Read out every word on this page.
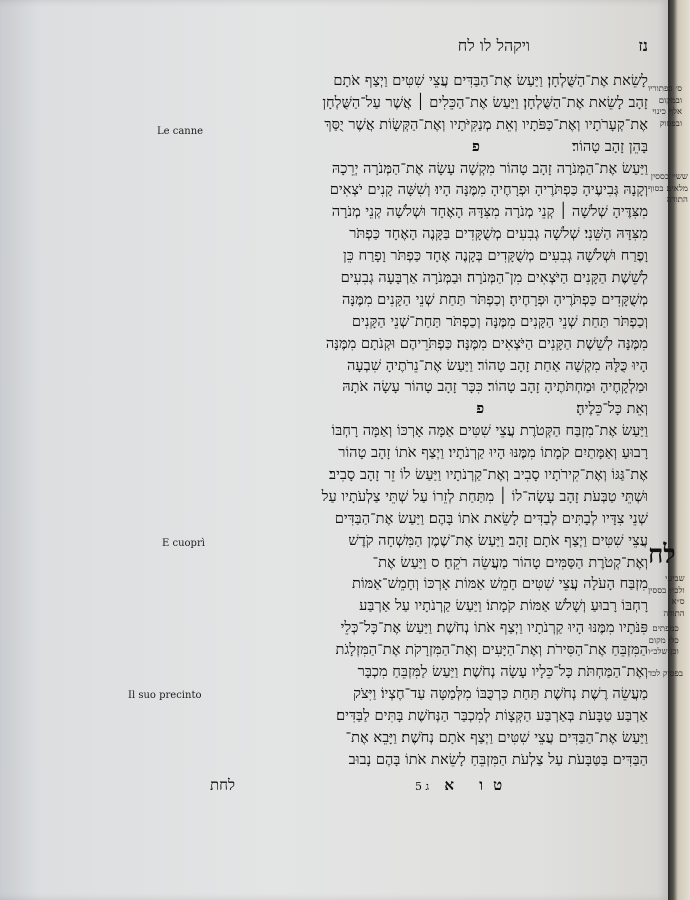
נז
ויקהל לו לח
לָשֵׂאת אֶת־הַשֻּׁלְחָן׃ וַיַּעַשׂ אֶת־הַבַּדִּים עֲצֵי שִׁטִּים וַיְצַף אֹתָם
זָהָב לָשֵׂאת אֶת־הַשֻּׁלְחָן׃ וַיַּעַשׂ אֶת־הַכֵּלִים ׀ אֲשֶׁר עַל־הַשֻּׁלְחָן
אֶת־קְעָרֹתָיו וְאֶת־כַּפֹּתָיו וְאֵת מְנַקִּיֹּתָיו וְאֶת־הַקְּשָׂוֹת אֲשֶׁר יֻסַּךְ
בָּהֵן זָהָב טָהוֹר׃פ
וַיַּעַשׂ אֶת־הַמְּנֹרָה זָהָב טָהוֹר מִקְשָׁה עָשָׂה אֶת־הַמְּנֹרָה יְרֵכָהּ
וְקָנָהּ גְּבִיעֶיהָ כַּפְתֹּרֶיהָ וּפְרָחֶיהָ מִמֶּנָּה הָיוּ׃ וְשִׁשָּׁה קָנִים יֹצְאִים
מִצִּדֶּיהָ שְׁלֹשָׁה ׀ קְנֵי מְנֹרָה מִצִּדָּהּ הָאֶחָד וּשְׁלֹשָׁה קְנֵי מְנֹרָה
מִצִּדָּהּ הַשֵּׁנִי׃ שְׁלֹשָׁה גְבִעִים מְשֻׁקָּדִים בַּקָּנֶה הָאֶחָד כַּפְתֹּר
וָפֶרַח וּשְׁלֹשָׁה גְבִעִים מְשֻׁקָּדִים בְּקָנֶה אֶחָד כַּפְתֹּר וָפָרַח כֵּן
לְשֵׁשֶׁת הַקָּנִים הַיֹּצְאִים מִן־הַמְּנֹרָה׃ וּבַמְּנֹרָה אַרְבָּעָה גְבִעִים
מְשֻׁקָּדִים כַּפְתֹּרֶיהָ וּפְרָחֶיהָ׃ וְכַפְתֹּר תַּחַת שְׁנֵי הַקָּנִים מִמֶּנָּה
וְכַפְתֹּר תַּחַת שְׁנֵי הַקָּנִים מִמֶּנָּה וְכַפְתֹּר תַּחַת־שְׁנֵי הַקָּנִים
מִמֶּנָּה לְשֵׁשֶׁת הַקָּנִים הַיֹּצְאִים מִמֶּנָּה׃ כַּפְתֹּרֵיהֶם וּקְנֹתָם מִמֶּנָּה
הָיוּ כֻּלָּהּ מִקְשָׁה אַחַת זָהָב טָהוֹר׃ וַיַּעַשׂ אֶת־נֵרֹתֶיהָ שִׁבְעָה
וּמַלְקָחֶיהָ וּמַחְתֹּתֶיהָ זָהָב טָהוֹר׃ כִּכָּר זָהָב טָהוֹר עָשָׂה אֹתָהּ
וְאֵת כָּל־כֵּלֶיהָ׃פ
וַיַּעַשׂ אֶת־מִזְבַּח הַקְּטֹרֶת עֲצֵי שִׁטִּים אַמָּה אָרְכּוֹ וְאַמָּה רָחְבּוֹ
רָבוּעַ וְאַמָּתַיִם קֹמָתוֹ מִמֶּנּוּ הָיוּ קַרְנֹתָיו׃ וַיְצַף אֹתוֹ זָהָב טָהוֹר
אֶת־גַּגּוֹ וְאֶת־קִירֹתָיו סָבִיב וְאֶת־קַרְנֹתָיו וַיַּעַשׂ לוֹ זֵר זָהָב סָבִיב׃
וּשְׁתֵּי טַבְּעֹת זָהָב עָשָׂה־לוֹ ׀ מִתַּחַת לְזֵרוֹ עַל שְׁתֵּי צַלְעֹתָיו עַל
שְׁנֵי צִדָּיו לְבָתִּים לְבַדִּים לָשֵׂאת אֹתוֹ בָּהֶם׃ וַיַּעַשׂ אֶת־הַבַּדִּים
עֲצֵי שִׁטִּים וַיְצַף אֹתָם זָהָב׃ וַיַּעַשׂ אֶת־שֶׁמֶן הַמִּשְׁחָה קֹדֶשׁ
וְאֶת־קְטֹרֶת הַסַּמִּים טָהוֹר מַעֲשֵׂה רֹקֵחַ׃ ס וַיַּעַשׂ אֶת־
מִזְבַּח הָעֹלָה עֲצֵי שִׁטִּים חָמֵשׁ אַמּוֹת אָרְכּוֹ וְחָמֵשׁ־אַמּוֹת
רָחְבּוֹ רָבוּעַ וְשָׁלֹשׁ אַמּוֹת קֹמָתוֹ׃ וַיַּעַשׂ קַרְנֹתָיו עַל אַרְבַּע
פִּנֹּתָיו מִמֶּנּוּ הָיוּ קַרְנֹתָיו וַיְצַף אֹתוֹ נְחֹשֶׁת׃ וַיַּעַשׂ אֶת־כָּל־כְּלֵי
הַמִּזְבֵּחַ אֶת־הַסִּירֹת וְאֶת־הַיָּעִים וְאֶת־הַמִּזְרָקֹת אֶת־הַמִּזְלָגֹת
וְאֶת־הַמַּחְתֹּת כָּל־כֵּלָיו עָשָׂה נְחֹשֶׁת׃ וַיַּעַשׂ לַמִּזְבֵּחַ מִכְבָּר
מַעֲשֵׂה רֶשֶׁת נְחֹשֶׁת תַּחַת כַּרְכֻּבּוֹ מִלְּמַטָּה עַד־חֶצְיוֹ׃ וַיִּצֹק
אַרְבַּע טַבָּעֹת בְּאַרְבַּע הַקְּצָוֹת לְמִכְבַּר הַנְּחֹשֶׁת בָּתִּים לַבַּדִּים׃
וַיַּעַשׂ אֶת־הַבַּדִּים עֲצֵי שִׁטִּים וַיְצַף אֹתָם נְחֹשֶׁת׃ וַיָּבֵא אֶת־
הַבַּדִּים בַּטַּבָּעֹת עַל צַלְעֹת הַמִּזְבֵּחַ לָשֵׂאת אֹתוֹ בָּהֶם נָבוּב
לח
Le canne
E cuoprì
Il suo precinto
ס׳ כפתוריו
ובמקום
אלף כינוי
ובפסוק
ששי׳ בססין
מלאים בסוף
התורה
שביעי
ולכ״י בססין
ס״א
התורה
כמפתים
כלי מקום
וכן שלכ״ו
בפסוק לכד
לחת	טו א ג 5
